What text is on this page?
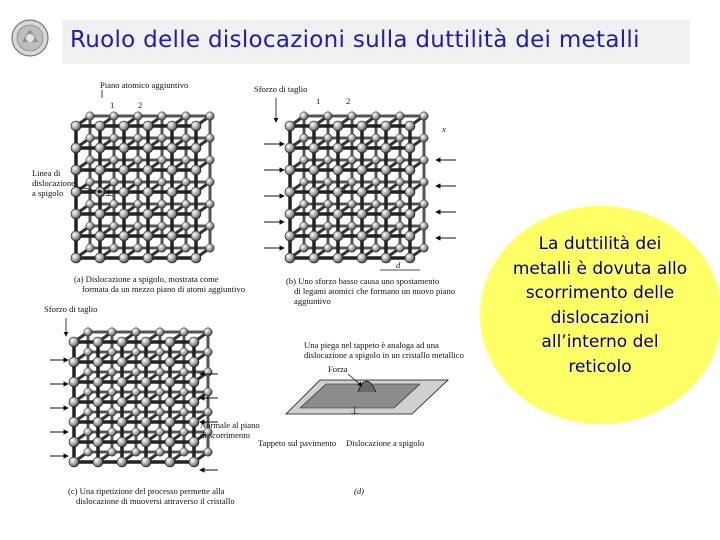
Ruolo delle dislocazioni sulla duttilità dei metalli
Piano atomico aggiuntivo
1	2
Linea di
dislocazione
a spigolo	⊥
(a) Dislocazione a spigolo, mostrata come
formata da un mezzo piano di atomi aggiuntivo
Sforzo di taglio
1	2
x
⊥
d
(b) Uno sforzo basso causa uno spostamento
di legami atomici che formano un nuovo piano
aggiuntivo
Sforzo di taglio
Normale al piano
di scorrimento
(c) Una ripetizione del processo permette alla
dislocazione di muoversi attraverso il cristallo
Una piega nel tappeto è analoga ad una
dislocazione a spigolo in un cristallo metallico
Forza
⊥
Tappeto sul pavimento Dislocazione a spigolo
(d)
La duttilità dei
metalli è dovuta allo
scorrimento delle
dislocazioni
all’interno del
reticolo
